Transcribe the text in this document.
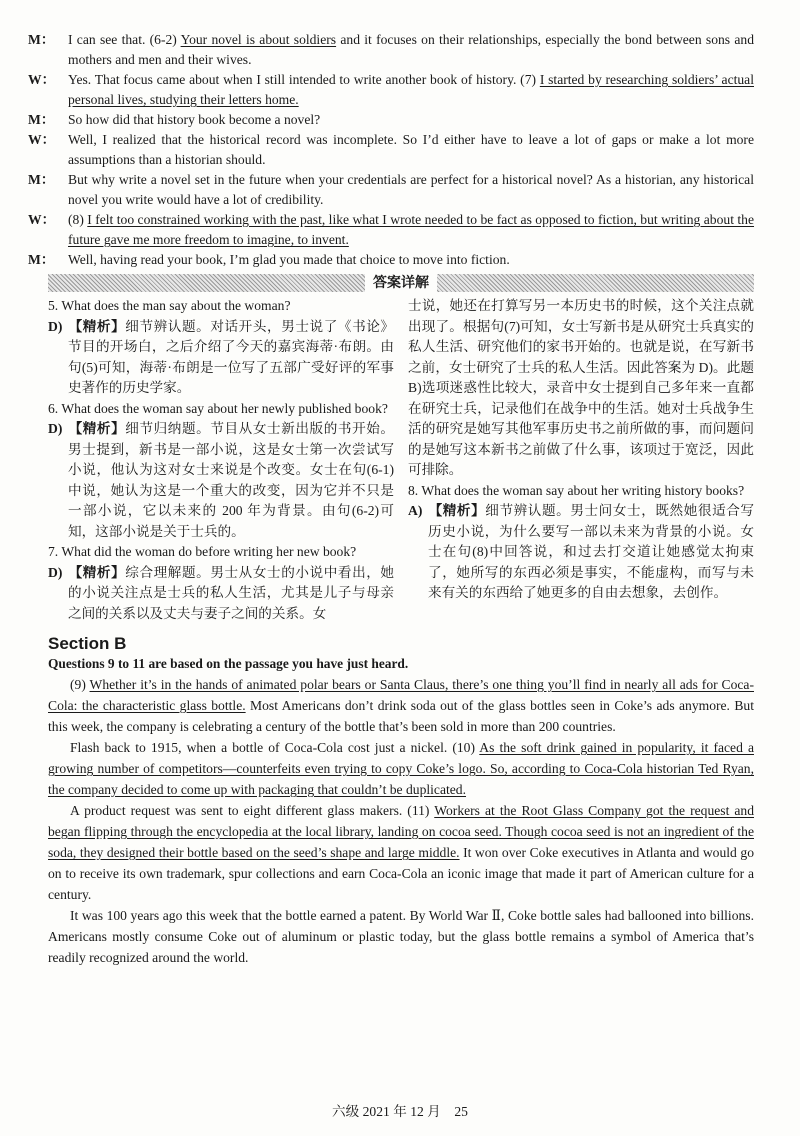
M： I can see that. (6-2) Your novel is about soldiers and it focuses on their relationships, especially the bond between sons and mothers and men and their wives.

W： Yes. That focus came about when I still intended to write another book of history. (7) I started by researching soldiers’ actual personal lives, studying their letters home.

M： So how did that history book become a novel?

W： Well, I realized that the historical record was incomplete. So I’d either have to leave a lot of gaps or make a lot more assumptions than a historian should.

M： But why write a novel set in the future when your credentials are perfect for a historical novel? As a historian, any historical novel you write would have a lot of credibility.

W： (8) I felt too constrained working with the past, like what I wrote needed to be fact as opposed to fiction, but writing about the future gave me more freedom to imagine, to invent.

M： Well, having read your book, I’m glad you made that choice to move into fiction.

答案详解

5. What does the man say about the woman?

D) 【精析】细节辨认题。对话开头，男士说了《书论》节目的开场白，之后介绍了今天的嘉宾海蒂·布朗。由句(5)可知，海蒂·布朗是一位写了五部广受好评的军事史著作的历史学家。

6. What does the woman say about her newly published book?

D) 【精析】细节归纳题。节目从女士新出版的书开始。男士提到，新书是一部小说，这是女士第一次尝试写小说，他认为这对女士来说是个改变。女士在句(6-1)中说，她认为这是一个重大的改变，因为它并不只是一部小说，它以未来的 200 年为背景。由句(6-2)可知，这部小说是关于士兵的。

7. What did the woman do before writing her new book?

D) 【精析】综合理解题。男士从女士的小说中看出，她的小说关注点是士兵的私人生活，尤其是儿子与母亲之间的关系以及丈夫与妻子之间的关系。女

士说，她还在打算写另一本历史书的时候，这个关注点就出现了。根据句(7)可知，女士写新书是从研究士兵真实的私人生活、研究他们的家书开始的。也就是说，在写新书之前，女士研究了士兵的私人生活。因此答案为 D)。此题 B)选项迷惑性比较大，录音中女士提到自己多年来一直都在研究士兵，记录他们在战争中的生活。她对士兵战争生活的研究是她写其他军事历史书之前所做的事，而问题问的是她写这本新书之前做了什么事，该项过于宽泛，因此可排除。

8. What does the woman say about her writing history books?

A) 【精析】细节辨认题。男士问女士，既然她很适合写历史小说，为什么要写一部以未来为背景的小说。女士在句(8)中回答说，和过去打交道让她感觉太拘束了，她所写的东西必须是事实，不能虚构，而写与未来有关的东西给了她更多的自由去想象，去创作。

Section B
Questions 9 to 11 are based on the passage you have just heard.

(9) Whether it’s in the hands of animated polar bears or Santa Claus, there’s one thing you’ll find in nearly all ads for Coca-Cola: the characteristic glass bottle. Most Americans don’t drink soda out of the glass bottles seen in Coke’s ads anymore. But this week, the company is celebrating a century of the bottle that’s been sold in more than 200 countries.

Flash back to 1915, when a bottle of Coca-Cola cost just a nickel. (10) As the soft drink gained in popularity, it faced a growing number of competitors—counterfeits even trying to copy Coke’s logo. So, according to Coca-Cola historian Ted Ryan, the company decided to come up with packaging that couldn’t be duplicated.

A product request was sent to eight different glass makers. (11) Workers at the Root Glass Company got the request and began flipping through the encyclopedia at the local library, landing on cocoa seed. Though cocoa seed is not an ingredient of the soda, they designed their bottle based on the seed’s shape and large middle. It won over Coke executives in Atlanta and would go on to receive its own trademark, spur collections and earn Coca-Cola an iconic image that made it part of American culture for a century.

It was 100 years ago this week that the bottle earned a patent. By World War Ⅱ, Coke bottle sales had ballooned into billions. Americans mostly consume Coke out of aluminum or plastic today, but the glass bottle remains a symbol of America that’s readily recognized around the world.

六级 2021 年 12 月　25
